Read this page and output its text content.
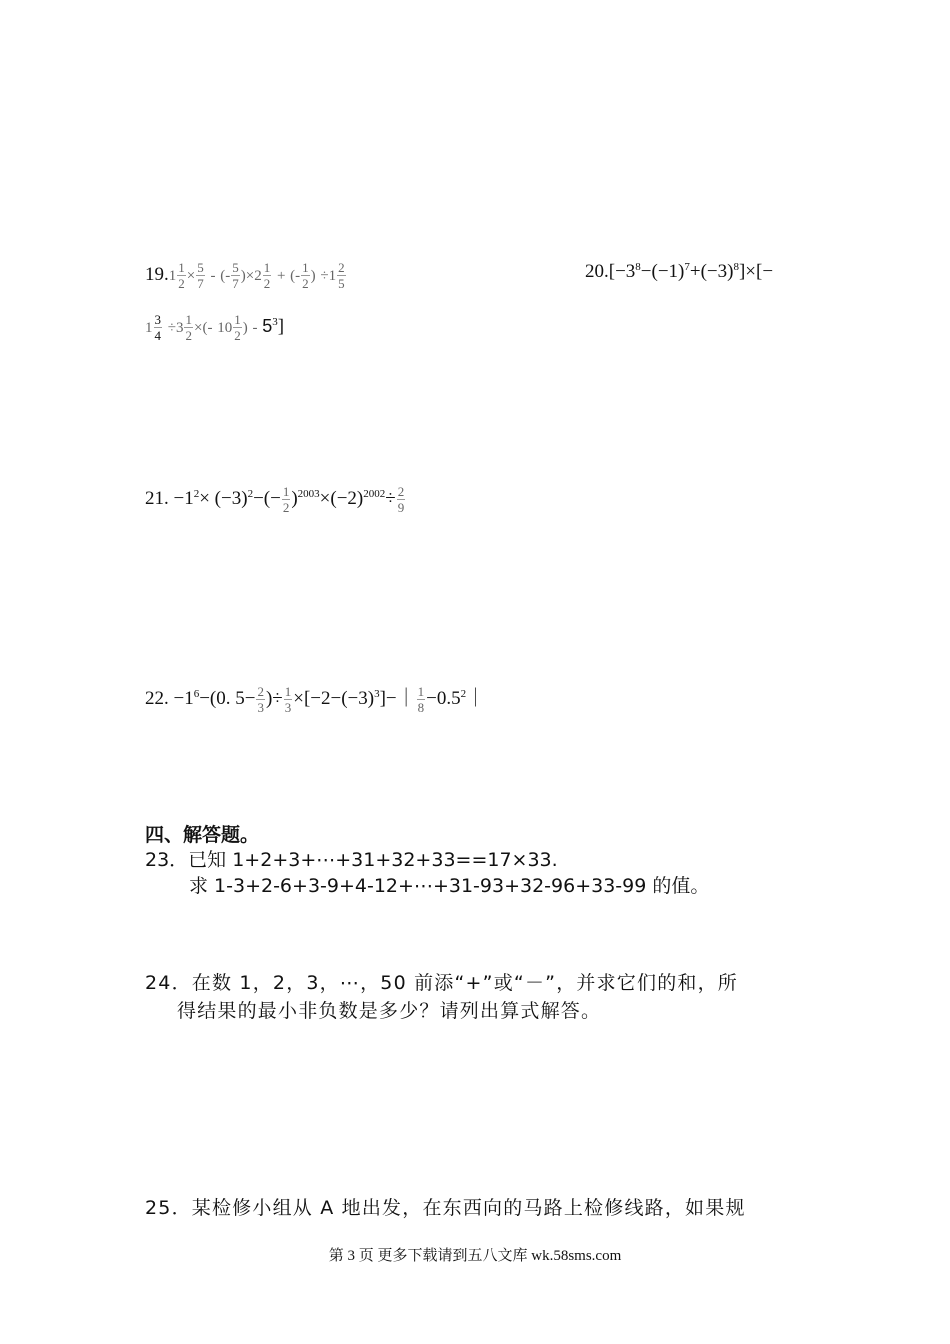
$19.1 \frac{1}{2} \times \frac{5}{7}$ - (- $\frac{5}{7} )\times 2 \frac{1}{2}$ + (- $\frac{1}{2}$ ) $\div 1 \frac{2}{5}$	$20.[-3^8-(-1)^7+(-3)^8]\times[-$
$1 \frac{3}{4} \div 3 \frac{1}{2}$ ×(- $10 \frac{1}{2}$ ) - $5^3$]
21. $-1^2\times (-3)^2-(- \frac{1}{2} )^{2003}\times(-2)^{2002}\div \frac{2}{9}$
22. $-1^6-(0$. $5- \frac{2}{3}$ )÷ $\frac{1}{3}$ $\times[-2-(-3)^3]-| \frac{1}{8}$ $-0.5^2|$
四、解答题。
23．已知 1+2+3+⋯+31+32+33==17×33.
求 1-3+2-6+3-9+4-12+⋯+31-93+32-96+33-99 的值。
24．在数 1，2，3，⋯，50 前添“+”或“－”，并求它们的和，所
得结果的最小非负数是多少？请列出算式解答。
25．某检修小组从 A 地出发，在东西向的马路上检修线路，如果规
第 3 页 更多下载请到五八文库 wk.58sms.com
